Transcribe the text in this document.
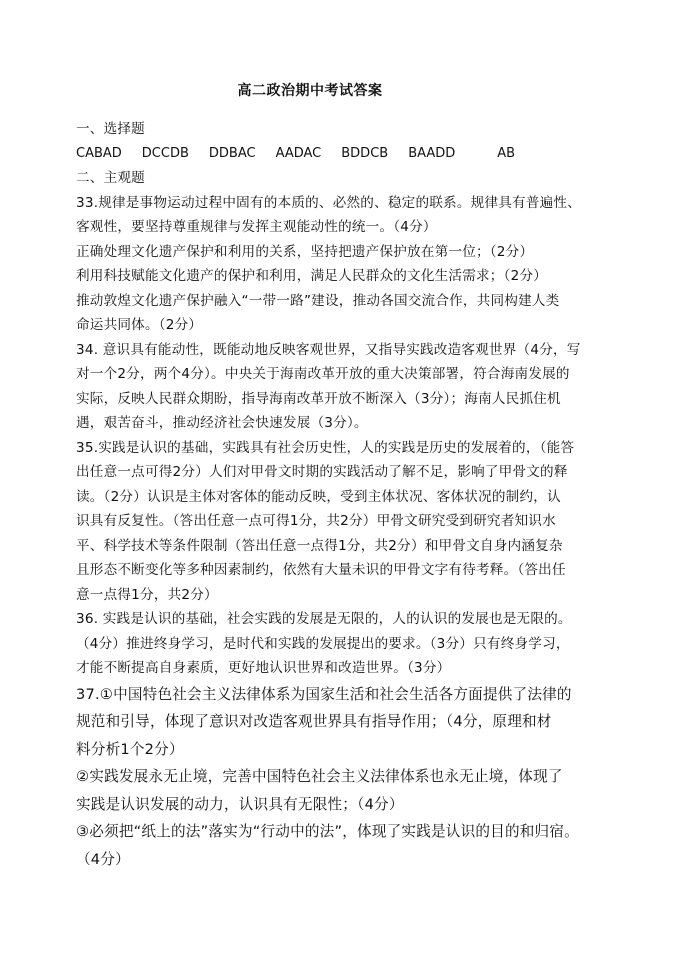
高二政治期中考试答案
一、选择题
CABAD DCCDB DDBAC AADAC BDDCB BAADD	AB
二、主观题
33.规律是事物运动过程中固有的本质的、必然的、稳定的联系。规律具有普遍性、
客观性，要坚持尊重规律与发挥主观能动性的统一。（4分）
正确处理文化遗产保护和利用的关系，坚持把遗产保护放在第一位；（2分）
利用科技赋能文化遗产的保护和利用，满足人民群众的文化生活需求；（2分）
推动敦煌文化遗产保护融入“一带一路”建设，推动各国交流合作，共同构建人类
命运共同体。（2分）
34. 意识具有能动性，既能动地反映客观世界，又指导实践改造客观世界（4分，写
对一个2分，两个4分）。中央关于海南改革开放的重大决策部署，符合海南发展的
实际，反映人民群众期盼，指导海南改革开放不断深入（3分）；海南人民抓住机
遇，艰苦奋斗，推动经济社会快速发展（3分）。
35.实践是认识的基础，实践具有社会历史性，人的实践是历史的发展着的，（能答
出任意一点可得2分）人们对甲骨文时期的实践活动了解不足，影响了甲骨文的释
读。（2分）认识是主体对客体的能动反映，受到主体状况、客体状况的制约，认
识具有反复性。（答出任意一点可得1分，共2分）甲骨文研究受到研究者知识水
平、科学技术等条件限制（答出任意一点得1分，共2分）和甲骨文自身内涵复杂
且形态不断变化等多种因素制约，依然有大量未识的甲骨文字有待考释。（答出任
意一点得1分，共2分）
36. 实践是认识的基础，社会实践的发展是无限的，人的认识的发展也是无限的。
（4分）推进终身学习，是时代和实践的发展提出的要求。（3分）只有终身学习，
才能不断提高自身素质，更好地认识世界和改造世界。（3分）
37.①中国特色社会主义法律体系为国家生活和社会生活各方面提供了法律的
规范和引导，体现了意识对改造客观世界具有指导作用；（4分，原理和材
料分析1个2分）
②实践发展永无止境，完善中国特色社会主义法律体系也永无止境，体现了
实践是认识发展的动力，认识具有无限性；（4分）
③必须把“纸上的法”落实为“行动中的法”，体现了实践是认识的目的和归宿。
（4分）
